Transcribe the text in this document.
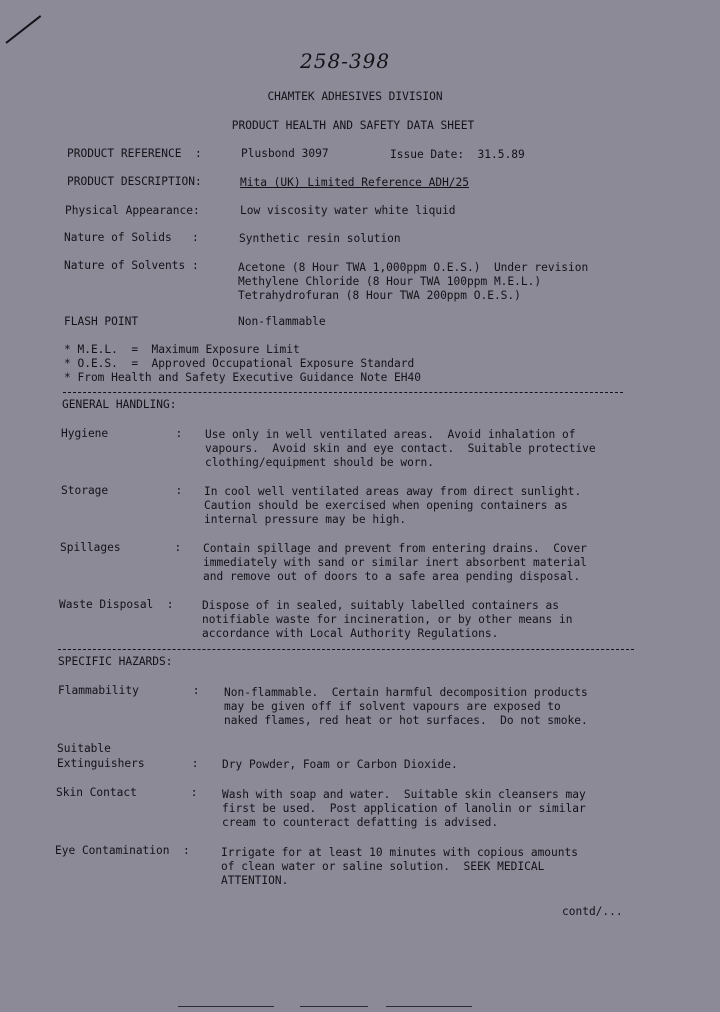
258-398
CHAMTEK ADHESIVES DIVISION
PRODUCT HEALTH AND SAFETY DATA SHEET
PRODUCT REFERENCE  :	Plusbond 3097	Issue Date:  31.5.89
PRODUCT DESCRIPTION:	Mita (UK) Limited Reference ADH/25
Physical Appearance:	Low viscosity water white liquid
Nature of Solids   :	Synthetic resin solution
Nature of Solvents :	Acetone (8 Hour TWA 1,000ppm O.E.S.)  Under revision
Methylene Chloride (8 Hour TWA 100ppm M.E.L.)
Tetrahydrofuran (8 Hour TWA 200ppm O.E.S.)
FLASH POINT	Non-flammable
* M.E.L.  =  Maximum Exposure Limit
* O.E.S.  =  Approved Occupational Exposure Standard
* From Health and Safety Executive Guidance Note EH40
GENERAL HANDLING:
Hygiene          : Use only in well ventilated areas.  Avoid inhalation of
vapours.  Avoid skin and eye contact.  Suitable protective
clothing/equipment should be worn.
Storage          : In cool well ventilated areas away from direct sunlight.
Caution should be exercised when opening containers as
internal pressure may be high.
Spillages        : Contain spillage and prevent from entering drains.  Cover
immediately with sand or similar inert absorbent material
and remove out of doors to a safe area pending disposal.
Waste Disposal  :	Dispose of in sealed, suitably labelled containers as
notifiable waste for incineration, or by other means in
accordance with Local Authority Regulations.
SPECIFIC HAZARDS:
Flammability        : Non-flammable.  Certain harmful decomposition products
may be given off if solvent vapours are exposed to
naked flames, red heat or hot surfaces.  Do not smoke.
Suitable
Extinguishers       : Dry Powder, Foam or Carbon Dioxide.
Skin Contact        : Wash with soap and water.  Suitable skin cleansers may
first be used.  Post application of lanolin or similar
cream to counteract defatting is advised.
Eye Contamination  :	Irrigate for at least 10 minutes with copious amounts
of clean water or saline solution.  SEEK MEDICAL
ATTENTION.
contd/...
